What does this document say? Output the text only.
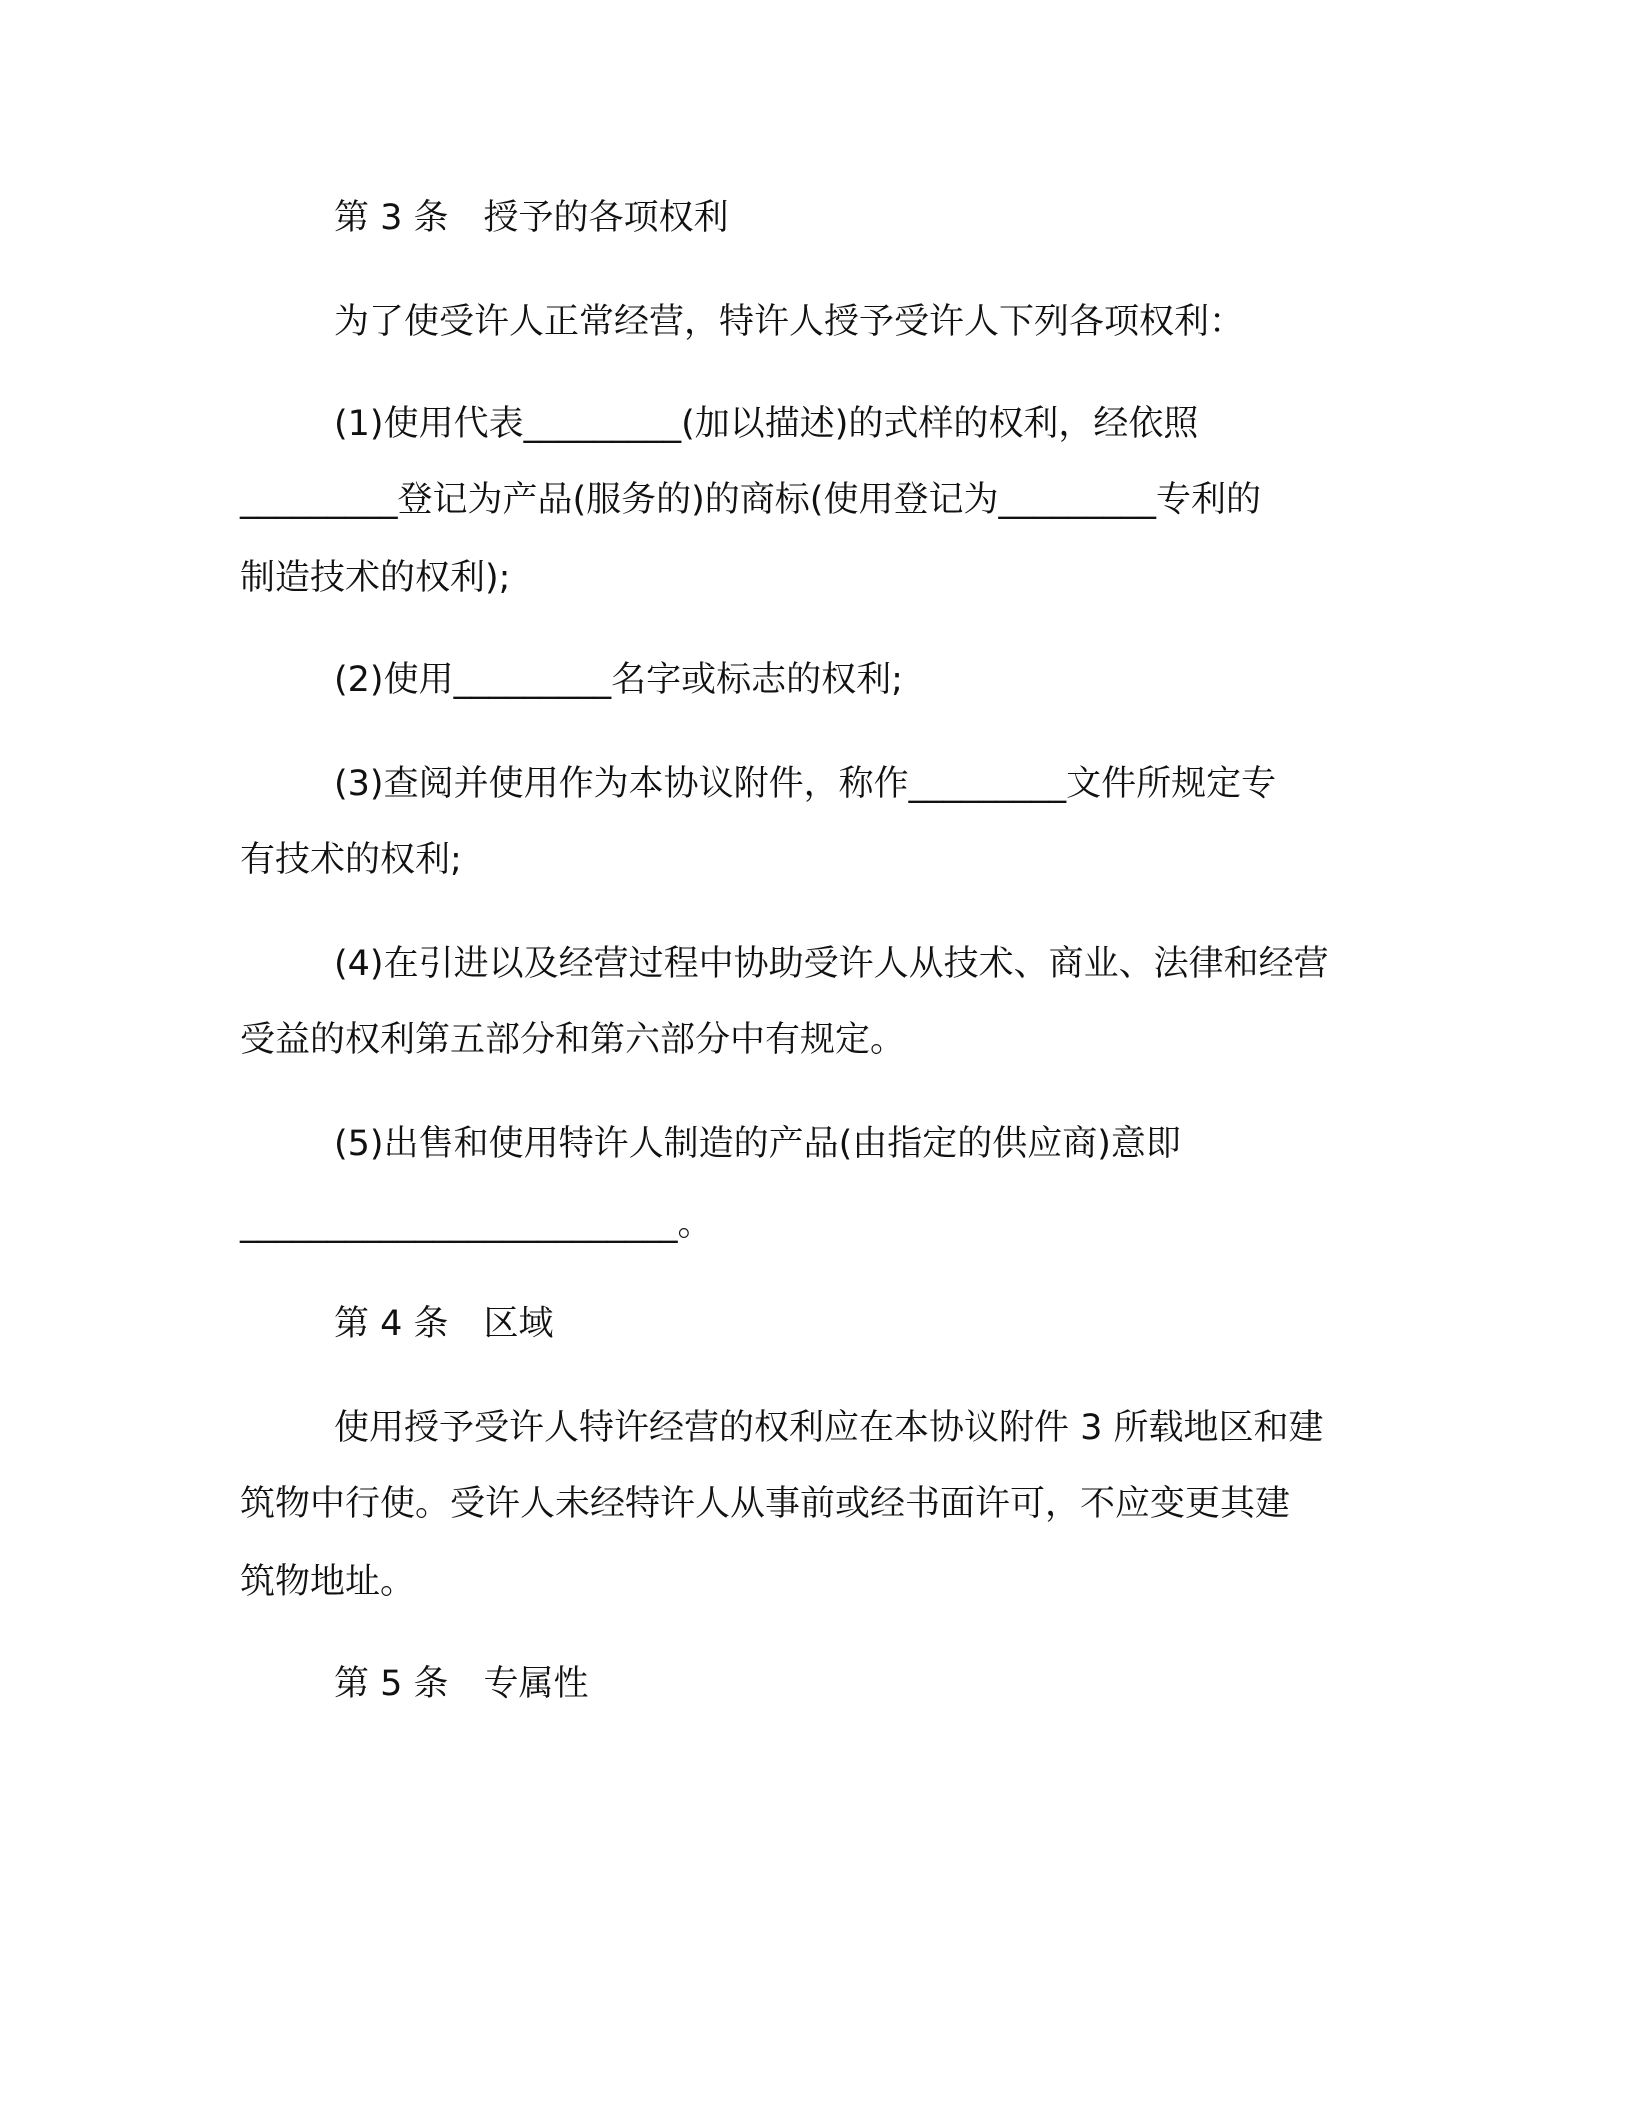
第 3 条　授予的各项权利
为了使受许人正常经营，特许人授予受许人下列各项权利：
(1)使用代表_________(加以描述)的式样的权利，经依照
_________登记为产品(服务的)的商标(使用登记为_________专利的
制造技术的权利);
(2)使用_________名字或标志的权利;
(3)查阅并使用作为本协议附件，称作_________文件所规定专
有技术的权利;
(4)在引进以及经营过程中协助受许人从技术、商业、法律和经营
受益的权利第五部分和第六部分中有规定。
(5)出售和使用特许人制造的产品(由指定的供应商)意即
_________________________。
第 4 条　区域
使用授予受许人特许经营的权利应在本协议附件 3 所载地区和建
筑物中行使。受许人未经特许人从事前或经书面许可，不应变更其建
筑物地址。
第 5 条　专属性
